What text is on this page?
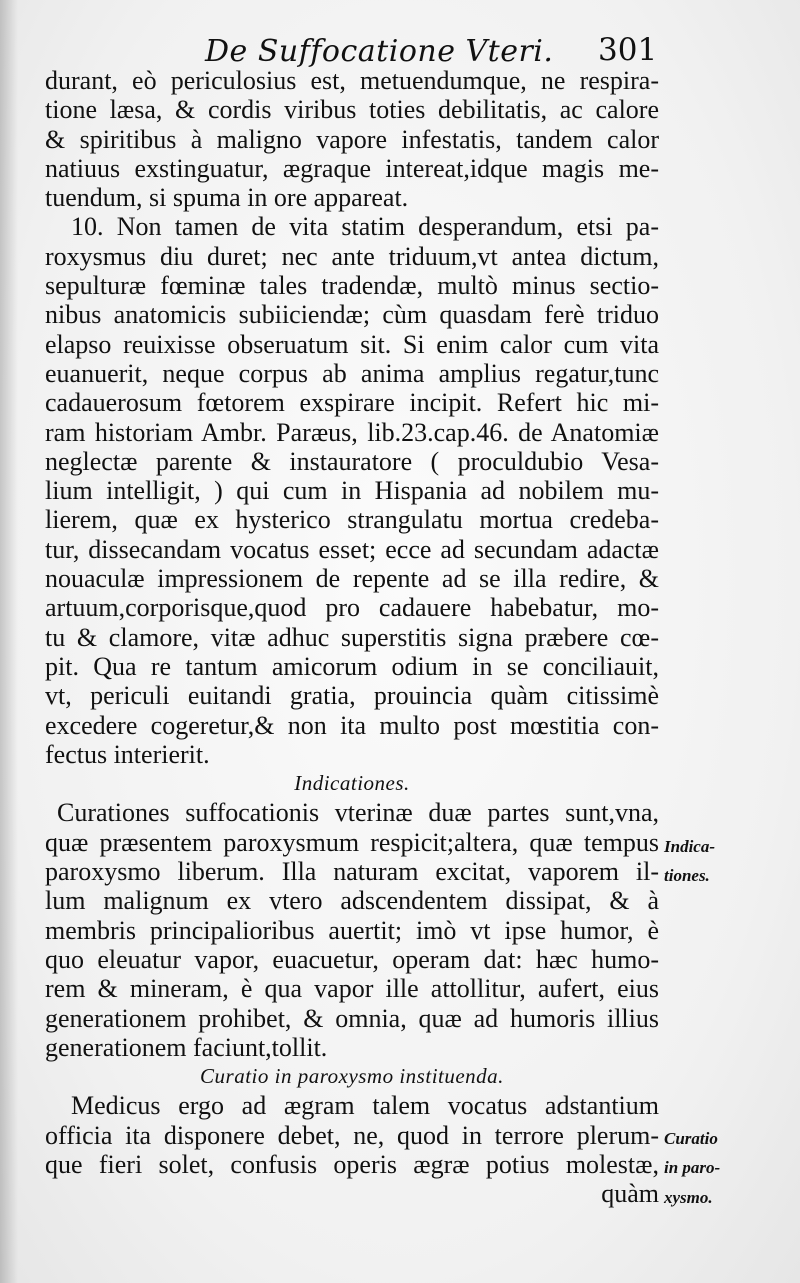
De Suffocatione Vteri. 301
durant, eò periculosius est, metuendumque, ne respira-
tione læsa, & cordis viribus toties debilitatis, ac calore
& spiritibus à maligno vapore infestatis, tandem calor
natiuus exstinguatur, ægraque intereat,idque magis me-
tuendum, si spuma in ore appareat.
10. Non tamen de vita statim desperandum, etsi pa-
roxysmus diu duret; nec ante triduum,vt antea dictum,
sepulturæ fœminæ tales tradendæ, multò minus sectio-
nibus anatomicis subiiciendæ; cùm quasdam ferè triduo
elapso reuixisse obseruatum sit. Si enim calor cum vita
euanuerit, neque corpus ab anima amplius regatur,tunc
cadauerosum fœtorem exspirare incipit. Refert hic mi-
ram historiam Ambr. Paræus, lib.23.cap.46. de Anatomiæ
neglectæ parente & instauratore ( proculdubio Vesa-
lium intelligit, ) qui cum in Hispania ad nobilem mu-
lierem, quæ ex hysterico strangulatu mortua credeba-
tur, dissecandam vocatus esset; ecce ad secundam adactæ
nouaculæ impressionem de repente ad se illa redire, &
artuum,corporisque,quod pro cadauere habebatur, mo-
tu & clamore, vitæ adhuc superstitis signa præbere cœ-
pit. Qua re tantum amicorum odium in se conciliauit,
vt, periculi euitandi gratia, prouincia quàm citissimè
excedere cogeretur,& non ita multo post mœstitia con-
fectus interierit.
Indicationes.
Curationes suffocationis vterinæ duæ partes sunt,vna,
quæ præsentem paroxysmum respicit;altera, quæ tempus
paroxysmo liberum. Illa naturam excitat, vaporem il-
lum malignum ex vtero adscendentem dissipat, & à
membris principalioribus auertit; imò vt ipse humor, è
quo eleuatur vapor, euacuetur, operam dat: hæc humo-
rem & mineram, è qua vapor ille attollitur, aufert, eius
generationem prohibet, & omnia, quæ ad humoris illius
generationem faciunt,tollit.
Curatio in paroxysmo instituenda.
Medicus ergo ad ægram talem vocatus adstantium
officia ita disponere debet, ne, quod in terrore plerum-
que fieri solet, confusis operis ægræ potius molestæ,
quàm
Indica-
tiones.
Curatio
in paro-
xysmo.
